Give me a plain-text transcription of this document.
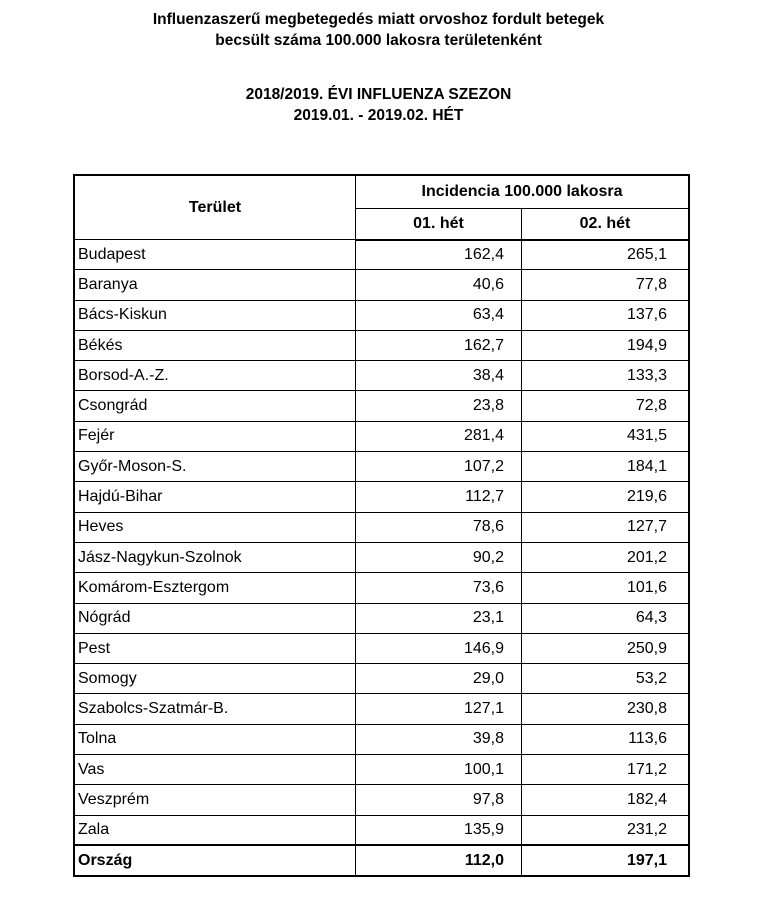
Influenzaszerű megbetegedés miatt orvoshoz fordult betegek
becsült száma 100.000 lakosra területenként
2018/2019. ÉVI INFLUENZA SZEZON
2019.01. - 2019.02. HÉT
Terület	Incidencia 100.000 lakosra	
	01. hét	02. hét
Budapest	162,4	265,1
Baranya	40,6	77,8
Bács-Kiskun	63,4	137,6
Békés	162,7	194,9
Borsod-A.-Z.	38,4	133,3
Csongrád	23,8	72,8
Fejér	281,4	431,5
Győr-Moson-S.	107,2	184,1
Hajdú-Bihar	112,7	219,6
Heves	78,6	127,7
Jász-Nagykun-Szolnok	90,2	201,2
Komárom-Esztergom	73,6	101,6
Nógrád	23,1	64,3
Pest	146,9	250,9
Somogy	29,0	53,2
Szabolcs-Szatmár-B.	127,1	230,8
Tolna	39,8	113,6
Vas	100,1	171,2
Veszprém	97,8	182,4
Zala	135,9	231,2
Ország	112,0	197,1
